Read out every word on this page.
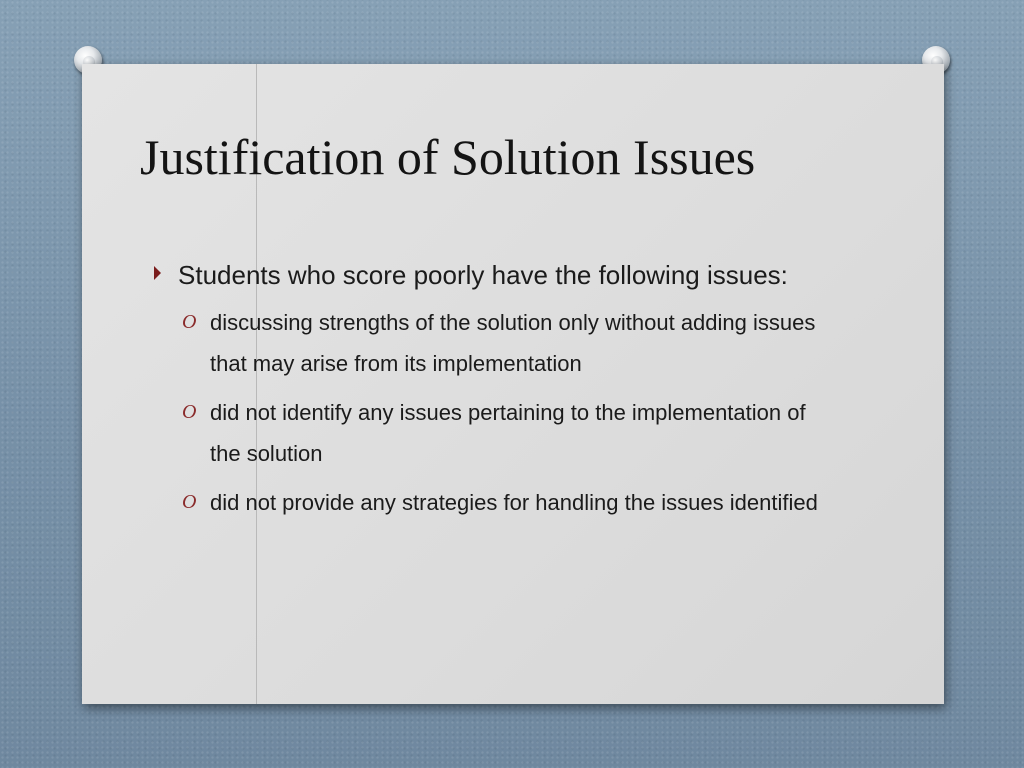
Justification of Solution Issues
Students who score poorly have the following issues:
O discussing strengths of the solution only without adding issues that may arise from its implementation
O did not identify any issues pertaining to the implementation of the solution
O did not provide any strategies for handling the issues identified
